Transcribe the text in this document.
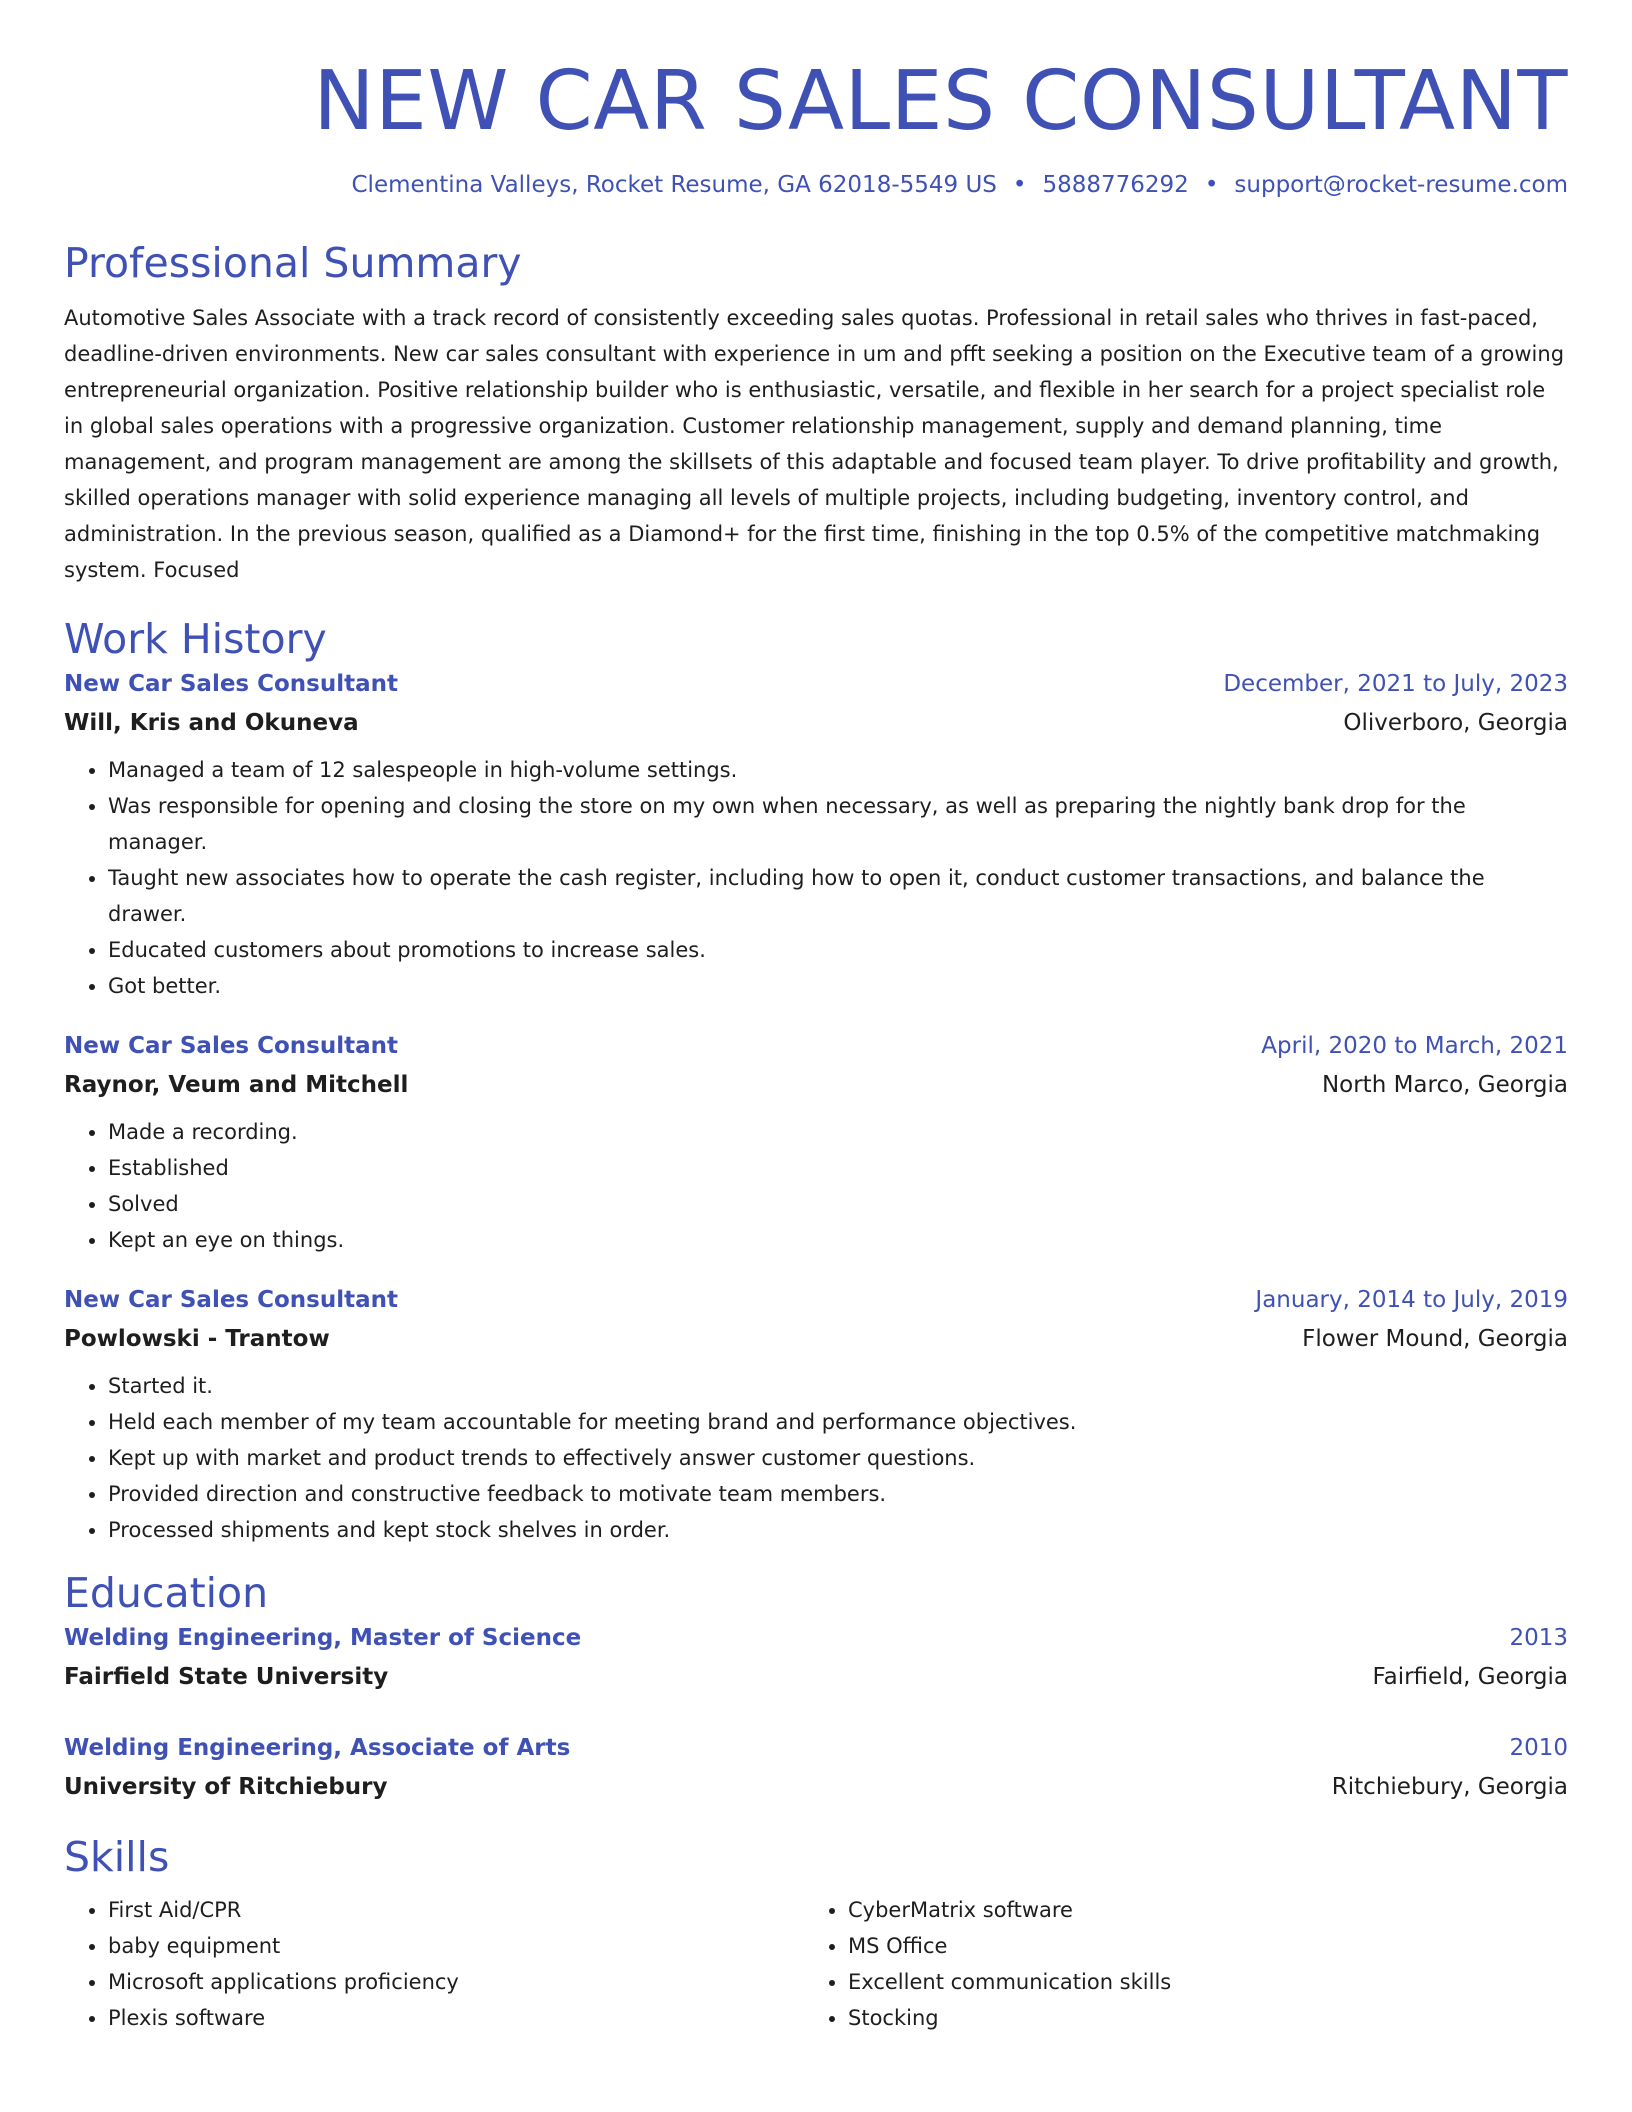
NEW CAR SALES CONSULTANT
Clementina Valleys, Rocket Resume, GA 62018-5549 US • 5888776292 • support@rocket-resume.com
Professional Summary
Automotive Sales Associate with a track record of consistently exceeding sales quotas. Professional in retail sales who thrives in fast-paced, deadline-driven environments. New car sales consultant with experience in um and pfft seeking a position on the Executive team of a growing entrepreneurial organization. Positive relationship builder who is enthusiastic, versatile, and flexible in her search for a project specialist role in global sales operations with a progressive organization. Customer relationship management, supply and demand planning, time management, and program management are among the skillsets of this adaptable and focused team player. To drive profitability and growth, skilled operations manager with solid experience managing all levels of multiple projects, including budgeting, inventory control, and administration. In the previous season, qualified as a Diamond+ for the first time, finishing in the top 0.5% of the competitive matchmaking system. Focused
Work History
New Car Sales Consultant	December, 2021 to July, 2023
Will, Kris and Okuneva	Oliverboro, Georgia
• Managed a team of 12 salespeople in high-volume settings.
• Was responsible for opening and closing the store on my own when necessary, as well as preparing the nightly bank drop for the manager.
• Taught new associates how to operate the cash register, including how to open it, conduct customer transactions, and balance the drawer.
• Educated customers about promotions to increase sales.
• Got better.
New Car Sales Consultant	April, 2020 to March, 2021
Raynor, Veum and Mitchell	North Marco, Georgia
• Made a recording.
• Established
• Solved
• Kept an eye on things.
New Car Sales Consultant	January, 2014 to July, 2019
Powlowski - Trantow	Flower Mound, Georgia
• Started it.
• Held each member of my team accountable for meeting brand and performance objectives.
• Kept up with market and product trends to effectively answer customer questions.
• Provided direction and constructive feedback to motivate team members.
• Processed shipments and kept stock shelves in order.
Education
Welding Engineering, Master of Science	2013
Fairfield State University	Fairfield, Georgia
Welding Engineering, Associate of Arts	2010
University of Ritchiebury	Ritchiebury, Georgia
Skills
• First Aid/CPR
• baby equipment
• Microsoft applications proficiency
• Plexis software
• CyberMatrix software
• MS Office
• Excellent communication skills
• Stocking
